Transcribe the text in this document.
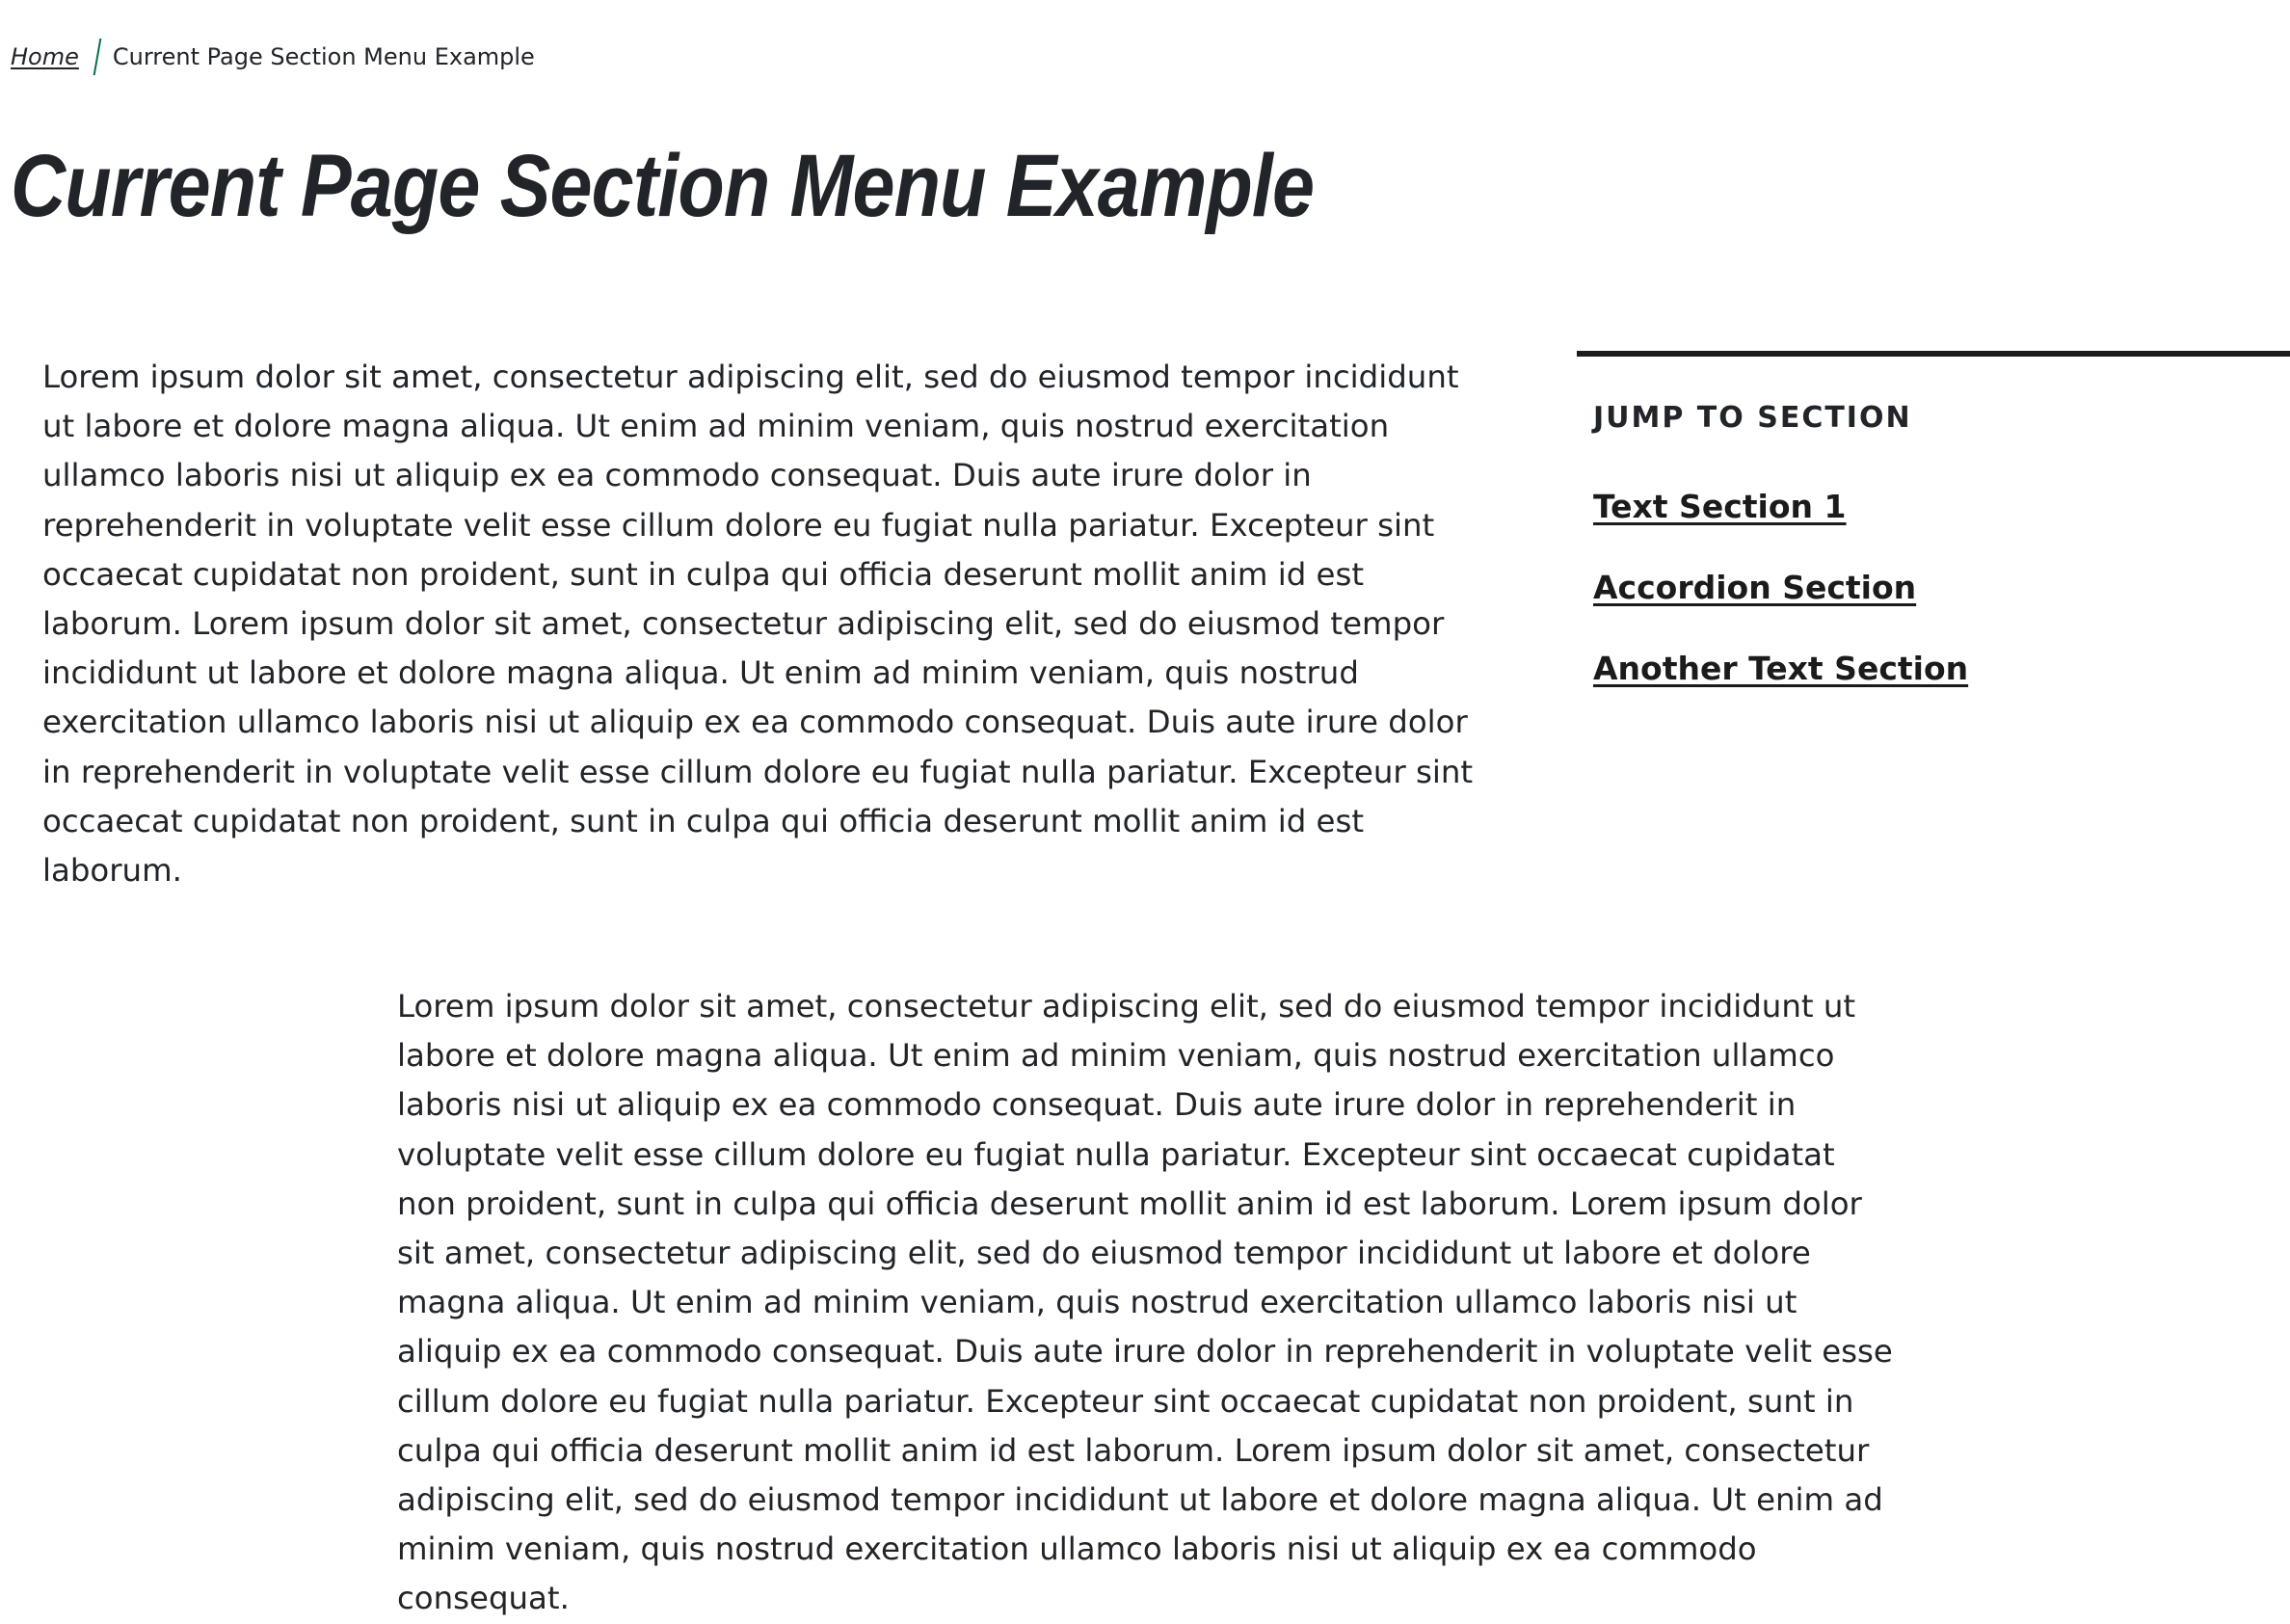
Home Current Page Section Menu Example
Current Page Section Menu Example

Lorem ipsum dolor sit amet, consectetur adipiscing elit, sed do eiusmod tempor incididunt ut labore et dolore magna aliqua. Ut enim ad minim veniam, quis nostrud exercitation ullamco laboris nisi ut aliquip ex ea commodo consequat. Duis aute irure dolor in reprehenderit in voluptate velit esse cillum dolore eu fugiat nulla pariatur. Excepteur sint occaecat cupidatat non proident, sunt in culpa qui officia deserunt mollit anim id est laborum. Lorem ipsum dolor sit amet, consectetur adipiscing elit, sed do eiusmod tempor incididunt ut labore et dolore magna aliqua. Ut enim ad minim veniam, quis nostrud exercitation ullamco laboris nisi ut aliquip ex ea commodo consequat. Duis aute irure dolor in reprehenderit in voluptate velit esse cillum dolore eu fugiat nulla pariatur. Excepteur sint occaecat cupidatat non proident, sunt in culpa qui officia deserunt mollit anim id est laborum.

JUMP TO SECTION
Text Section 1
Accordion Section
Another Text Section

Lorem ipsum dolor sit amet, consectetur adipiscing elit, sed do eiusmod tempor incididunt ut labore et dolore magna aliqua. Ut enim ad minim veniam, quis nostrud exercitation ullamco laboris nisi ut aliquip ex ea commodo consequat. Duis aute irure dolor in reprehenderit in voluptate velit esse cillum dolore eu fugiat nulla pariatur. Excepteur sint occaecat cupidatat non proident, sunt in culpa qui officia deserunt mollit anim id est laborum. Lorem ipsum dolor sit amet, consectetur adipiscing elit, sed do eiusmod tempor incididunt ut labore et dolore magna aliqua. Ut enim ad minim veniam, quis nostrud exercitation ullamco laboris nisi ut aliquip ex ea commodo consequat. Duis aute irure dolor in reprehenderit in voluptate velit esse cillum dolore eu fugiat nulla pariatur. Excepteur sint occaecat cupidatat non proident, sunt in culpa qui officia deserunt mollit anim id est laborum. Lorem ipsum dolor sit amet, consectetur adipiscing elit, sed do eiusmod tempor incididunt ut labore et dolore magna aliqua. Ut enim ad minim veniam, quis nostrud exercitation ullamco laboris nisi ut aliquip ex ea commodo consequat.
